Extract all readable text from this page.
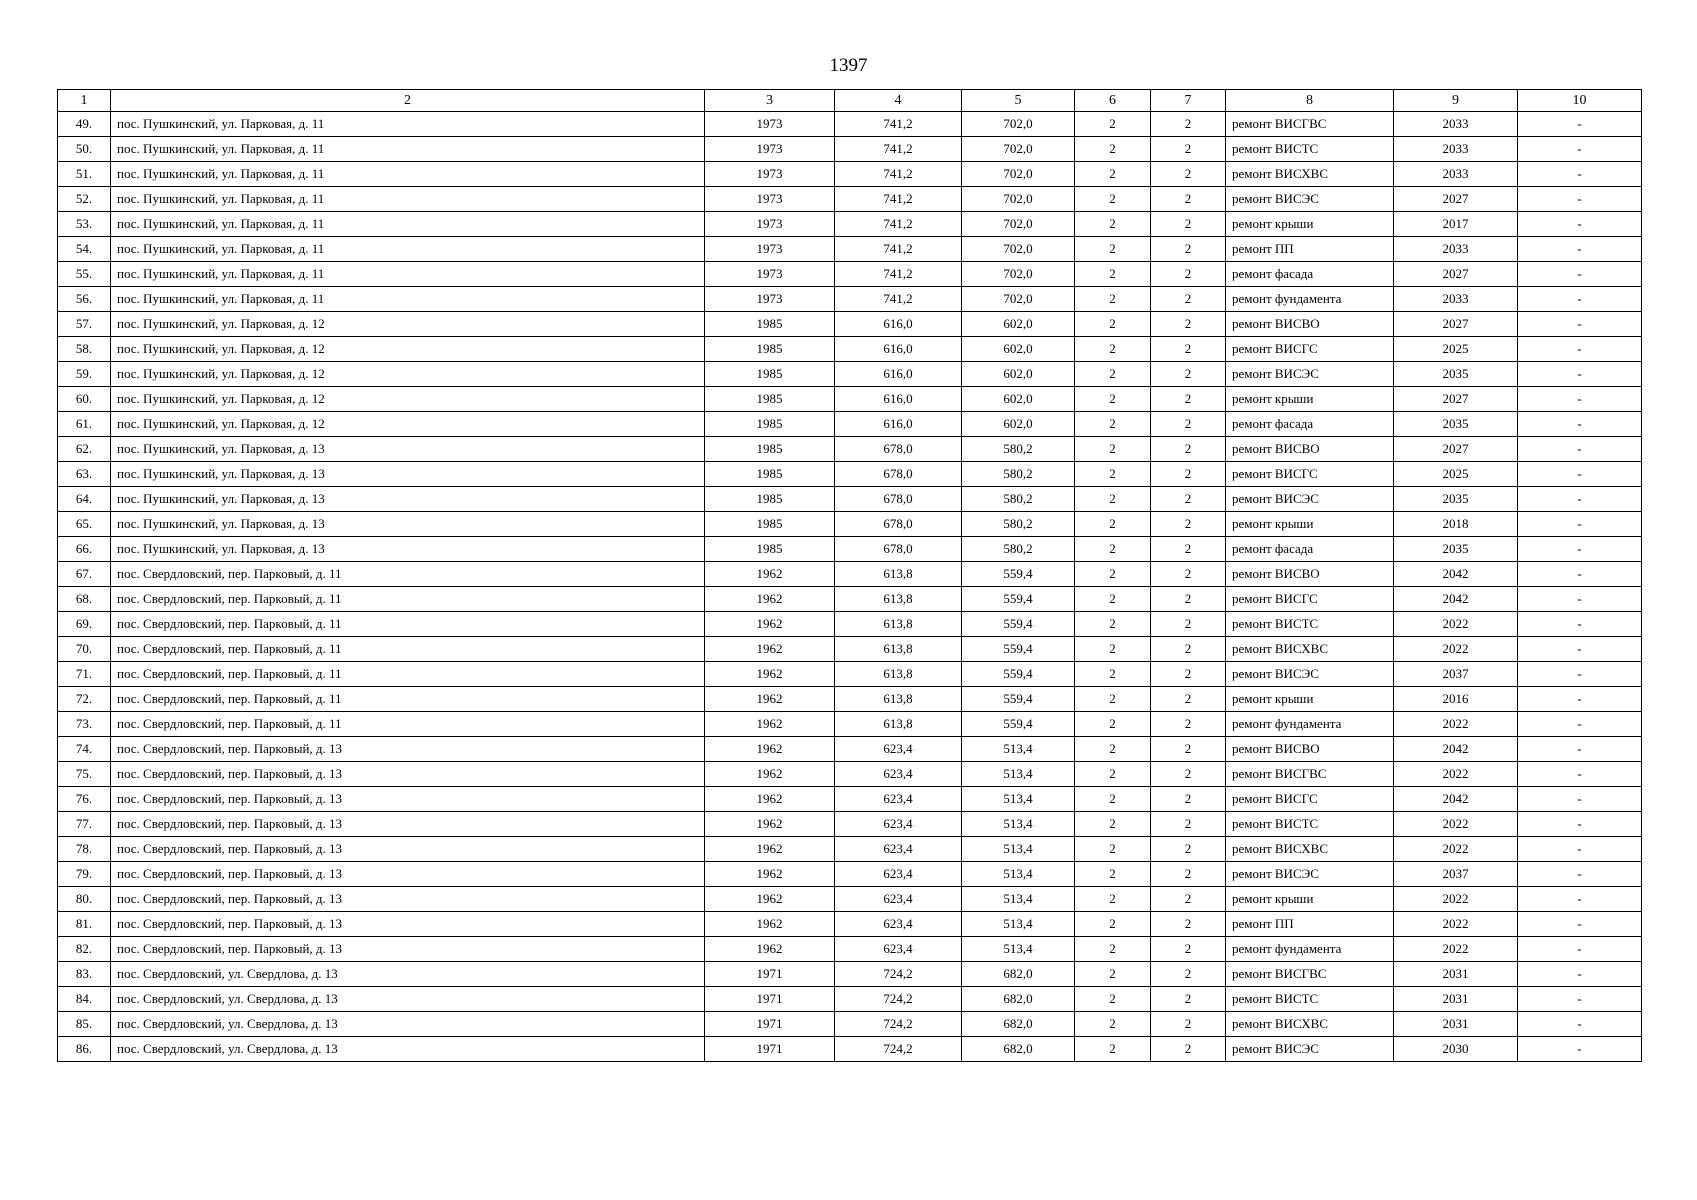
1397
1	2	3	4	5	6	7	8	9	10
49.	пос. Пушкинский, ул. Парковая, д. 11	1973	741,2	702,0	2	2	ремонт ВИСГВС	2033	-
50.	пос. Пушкинский, ул. Парковая, д. 11	1973	741,2	702,0	2	2	ремонт ВИСТС	2033	-
51.	пос. Пушкинский, ул. Парковая, д. 11	1973	741,2	702,0	2	2	ремонт ВИСХВС	2033	-
52.	пос. Пушкинский, ул. Парковая, д. 11	1973	741,2	702,0	2	2	ремонт ВИСЭС	2027	-
53.	пос. Пушкинский, ул. Парковая, д. 11	1973	741,2	702,0	2	2	ремонт крыши	2017	-
54.	пос. Пушкинский, ул. Парковая, д. 11	1973	741,2	702,0	2	2	ремонт ПП	2033	-
55.	пос. Пушкинский, ул. Парковая, д. 11	1973	741,2	702,0	2	2	ремонт фасада	2027	-
56.	пос. Пушкинский, ул. Парковая, д. 11	1973	741,2	702,0	2	2	ремонт фундамента	2033	-
57.	пос. Пушкинский, ул. Парковая, д. 12	1985	616,0	602,0	2	2	ремонт ВИСВО	2027	-
58.	пос. Пушкинский, ул. Парковая, д. 12	1985	616,0	602,0	2	2	ремонт ВИСГС	2025	-
59.	пос. Пушкинский, ул. Парковая, д. 12	1985	616,0	602,0	2	2	ремонт ВИСЭС	2035	-
60.	пос. Пушкинский, ул. Парковая, д. 12	1985	616,0	602,0	2	2	ремонт крыши	2027	-
61.	пос. Пушкинский, ул. Парковая, д. 12	1985	616,0	602,0	2	2	ремонт фасада	2035	-
62.	пос. Пушкинский, ул. Парковая, д. 13	1985	678,0	580,2	2	2	ремонт ВИСВО	2027	-
63.	пос. Пушкинский, ул. Парковая, д. 13	1985	678,0	580,2	2	2	ремонт ВИСГС	2025	-
64.	пос. Пушкинский, ул. Парковая, д. 13	1985	678,0	580,2	2	2	ремонт ВИСЭС	2035	-
65.	пос. Пушкинский, ул. Парковая, д. 13	1985	678,0	580,2	2	2	ремонт крыши	2018	-
66.	пос. Пушкинский, ул. Парковая, д. 13	1985	678,0	580,2	2	2	ремонт фасада	2035	-
67.	пос. Свердловский, пер. Парковый, д. 11	1962	613,8	559,4	2	2	ремонт ВИСВО	2042	-
68.	пос. Свердловский, пер. Парковый, д. 11	1962	613,8	559,4	2	2	ремонт ВИСГС	2042	-
69.	пос. Свердловский, пер. Парковый, д. 11	1962	613,8	559,4	2	2	ремонт ВИСТС	2022	-
70.	пос. Свердловский, пер. Парковый, д. 11	1962	613,8	559,4	2	2	ремонт ВИСХВС	2022	-
71.	пос. Свердловский, пер. Парковый, д. 11	1962	613,8	559,4	2	2	ремонт ВИСЭС	2037	-
72.	пос. Свердловский, пер. Парковый, д. 11	1962	613,8	559,4	2	2	ремонт крыши	2016	-
73.	пос. Свердловский, пер. Парковый, д. 11	1962	613,8	559,4	2	2	ремонт фундамента	2022	-
74.	пос. Свердловский, пер. Парковый, д. 13	1962	623,4	513,4	2	2	ремонт ВИСВО	2042	-
75.	пос. Свердловский, пер. Парковый, д. 13	1962	623,4	513,4	2	2	ремонт ВИСГВС	2022	-
76.	пос. Свердловский, пер. Парковый, д. 13	1962	623,4	513,4	2	2	ремонт ВИСГС	2042	-
77.	пос. Свердловский, пер. Парковый, д. 13	1962	623,4	513,4	2	2	ремонт ВИСТС	2022	-
78.	пос. Свердловский, пер. Парковый, д. 13	1962	623,4	513,4	2	2	ремонт ВИСХВС	2022	-
79.	пос. Свердловский, пер. Парковый, д. 13	1962	623,4	513,4	2	2	ремонт ВИСЭС	2037	-
80.	пос. Свердловский, пер. Парковый, д. 13	1962	623,4	513,4	2	2	ремонт крыши	2022	-
81.	пос. Свердловский, пер. Парковый, д. 13	1962	623,4	513,4	2	2	ремонт ПП	2022	-
82.	пос. Свердловский, пер. Парковый, д. 13	1962	623,4	513,4	2	2	ремонт фундамента	2022	-
83.	пос. Свердловский, ул. Свердлова, д. 13	1971	724,2	682,0	2	2	ремонт ВИСГВС	2031	-
84.	пос. Свердловский, ул. Свердлова, д. 13	1971	724,2	682,0	2	2	ремонт ВИСТС	2031	-
85.	пос. Свердловский, ул. Свердлова, д. 13	1971	724,2	682,0	2	2	ремонт ВИСХВС	2031	-
86.	пос. Свердловский, ул. Свердлова, д. 13	1971	724,2	682,0	2	2	ремонт ВИСЭС	2030	-
